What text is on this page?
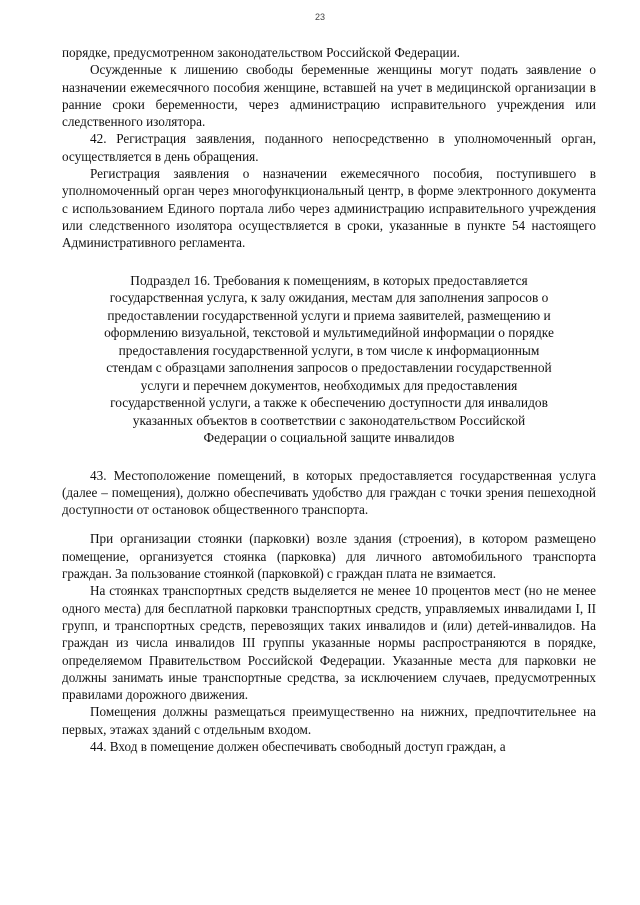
23

порядке, предусмотренном законодательством Российской Федерации.

Осужденные к лишению свободы беременные женщины могут подать заявление о назначении ежемесячного пособия женщине, вставшей на учет в медицинской организации в ранние сроки беременности, через администрацию исправительного учреждения или следственного изолятора.

42. Регистрация заявления, поданного непосредственно в уполномоченный орган, осуществляется в день обращения.

Регистрация заявления о назначении ежемесячного пособия, поступившего в уполномоченный орган через многофункциональный центр, в форме электронного документа с использованием Единого портала либо через администрацию исправительного учреждения или следственного изолятора осуществляется в сроки, указанные в пункте 54 настоящего Административного регламента.

Подраздел 16. Требования к помещениям, в которых предоставляется государственная услуга, к залу ожидания, местам для заполнения запросов о предоставлении государственной услуги и приема заявителей, размещению и оформлению визуальной, текстовой и мультимедийной информации о порядке предоставления государственной услуги, в том числе к информационным стендам с образцами заполнения запросов о предоставлении государственной услуги и перечнем документов, необходимых для предоставления государственной услуги, а также к обеспечению доступности для инвалидов указанных объектов в соответствии с законодательством Российской Федерации о социальной защите инвалидов

43. Местоположение помещений, в которых предоставляется государственная услуга (далее – помещения), должно обеспечивать удобство для граждан с точки зрения пешеходной доступности от остановок общественного транспорта.

При организации стоянки (парковки) возле здания (строения), в котором размещено помещение, организуется стоянка (парковка) для личного автомобильного транспорта граждан. За пользование стоянкой (парковкой) с граждан плата не взимается.

На стоянках транспортных средств выделяется не менее 10 процентов мест (но не менее одного места) для бесплатной парковки транспортных средств, управляемых инвалидами I, II групп, и транспортных средств, перевозящих таких инвалидов и (или) детей-инвалидов. На граждан из числа инвалидов III группы указанные нормы распространяются в порядке, определяемом Правительством Российской Федерации. Указанные места для парковки не должны занимать иные транспортные средства, за исключением случаев, предусмотренных правилами дорожного движения.

Помещения должны размещаться преимущественно на нижних, предпочтительнее на первых, этажах зданий с отдельным входом.

44. Вход в помещение должен обеспечивать свободный доступ граждан, а
